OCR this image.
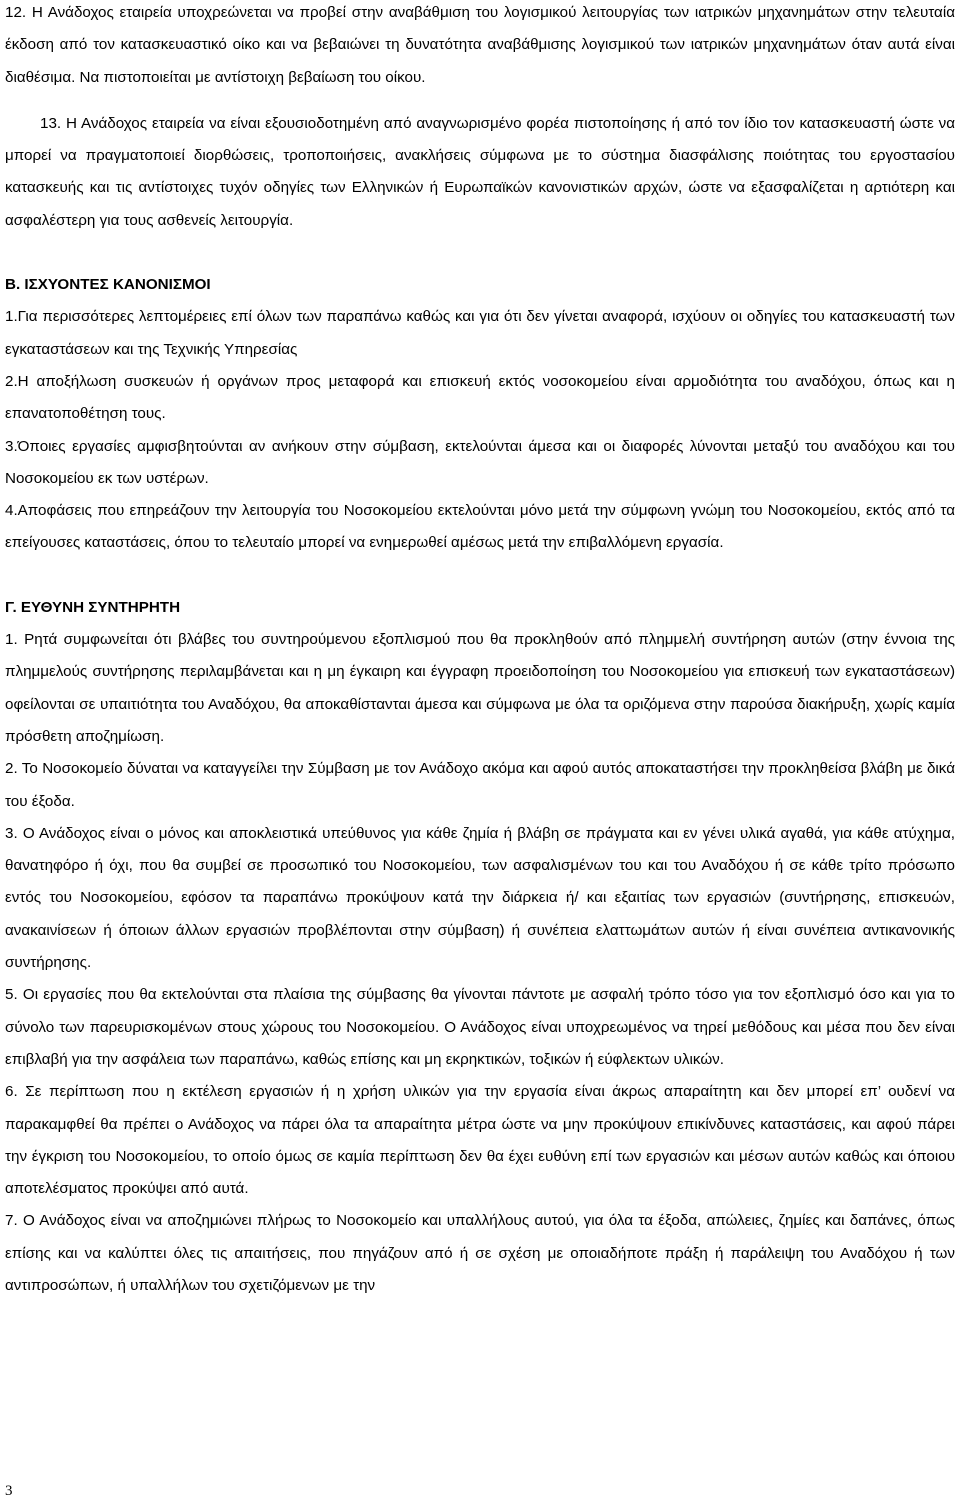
12. Η Ανάδοχος εταιρεία υποχρεώνεται να προβεί στην αναβάθμιση του λογισμικού λειτουργίας των ιατρικών μηχανημάτων στην τελευταία έκδοση από τον κατασκευαστικό οίκο και να βεβαιώνει τη δυνατότητα αναβάθμισης λογισμικού των ιατρικών μηχανημάτων όταν αυτά είναι διαθέσιμα. Να πιστοποιείται με αντίστοιχη βεβαίωση του οίκου.

13. Η Ανάδοχος εταιρεία να είναι εξουσιοδοτημένη από αναγνωρισμένο φορέα πιστοποίησης ή από τον ίδιο τον κατασκευαστή ώστε να μπορεί να πραγματοποιεί διορθώσεις, τροποποιήσεις, ανακλήσεις σύμφωνα με το σύστημα διασφάλισης ποιότητας του εργοστασίου κατασκευής και τις αντίστοιχες τυχόν οδηγίες των Ελληνικών ή Ευρωπαϊκών κανονιστικών αρχών, ώστε να εξασφαλίζεται η αρτιότερη και ασφαλέστερη για τους ασθενείς λειτουργία.

Β. ΙΣΧΥΟΝΤΕΣ ΚΑΝΟΝΙΣΜΟΙ

1.Για περισσότερες λεπτομέρειες επί όλων των παραπάνω καθώς και για ότι δεν γίνεται αναφορά, ισχύουν οι οδηγίες του κατασκευαστή των εγκαταστάσεων και της Τεχνικής Υπηρεσίας

2.Η αποξήλωση συσκευών ή οργάνων προς μεταφορά και επισκευή εκτός νοσοκομείου είναι αρμοδιότητα του αναδόχου, όπως και η επανατοποθέτηση τους.

3.Όποιες εργασίες αμφισβητούνται αν ανήκουν στην σύμβαση, εκτελούνται άμεσα και οι διαφορές λύνονται μεταξύ του αναδόχου και του Νοσοκομείου εκ των υστέρων.

4.Αποφάσεις που επηρεάζουν την λειτουργία του Νοσοκομείου εκτελούνται μόνο μετά την σύμφωνη γνώμη του Νοσοκομείου, εκτός από τα επείγουσες καταστάσεις, όπου το τελευταίο μπορεί να ενημερωθεί αμέσως μετά την επιβαλλόμενη εργασία.

Γ. ΕΥΘΥΝΗ ΣΥΝΤΗΡΗΤΗ

1. Ρητά συμφωνείται ότι βλάβες του συντηρούμενου εξοπλισμού που θα προκληθούν από πλημμελή συντήρηση αυτών (στην έννοια της πλημμελούς συντήρησης περιλαμβάνεται και η μη έγκαιρη και έγγραφη προειδοποίηση του Νοσοκομείου για επισκευή των εγκαταστάσεων) οφείλονται σε υπαιτιότητα του Αναδόχου, θα αποκαθίστανται άμεσα και σύμφωνα με όλα τα οριζόμενα στην παρούσα διακήρυξη, χωρίς καμία πρόσθετη αποζημίωση.

2. Το Νοσοκομείο δύναται να καταγγείλει την Σύμβαση με τον Ανάδοχο ακόμα και αφού αυτός αποκαταστήσει την προκληθείσα βλάβη με δικά του έξοδα.

3. Ο Ανάδοχος είναι ο μόνος και αποκλειστικά υπεύθυνος για κάθε ζημία ή βλάβη σε πράγματα και εν γένει υλικά αγαθά, για κάθε ατύχημα, θανατηφόρο ή όχι, που θα συμβεί σε προσωπικό του Νοσοκομείου, των ασφαλισμένων του και του Αναδόχου ή σε κάθε τρίτο πρόσωπο εντός του Νοσοκομείου, εφόσον τα παραπάνω προκύψουν κατά την διάρκεια ή/ και εξαιτίας των εργασιών (συντήρησης, επισκευών, ανακαινίσεων ή όποιων άλλων εργασιών προβλέπονται στην σύμβαση) ή συνέπεια ελαττωμάτων αυτών ή είναι συνέπεια αντικανονικής συντήρησης.

5. Οι εργασίες που θα εκτελούνται στα πλαίσια της σύμβασης θα γίνονται πάντοτε με ασφαλή τρόπο τόσο για τον εξοπλισμό όσο και για το σύνολο των παρευρισκομένων στους χώρους του Νοσοκομείου. Ο Ανάδοχος είναι υποχρεωμένος να τηρεί μεθόδους και μέσα που δεν είναι επιβλαβή για την ασφάλεια των παραπάνω, καθώς επίσης και μη εκρηκτικών, τοξικών ή εύφλεκτων υλικών.

6. Σε περίπτωση που η εκτέλεση εργασιών ή η χρήση υλικών για την εργασία είναι άκρως απαραίτητη και δεν μπορεί επ’ ουδενί να παρακαμφθεί θα πρέπει ο Ανάδοχος να πάρει όλα τα απαραίτητα μέτρα ώστε να μην προκύψουν επικίνδυνες καταστάσεις, και αφού πάρει την έγκριση του Νοσοκομείου, το οποίο όμως σε καμία περίπτωση δεν θα έχει ευθύνη επί των εργασιών και μέσων αυτών καθώς και όποιου αποτελέσματος προκύψει από αυτά.

7. Ο Ανάδοχος είναι να αποζημιώνει πλήρως το Νοσοκομείο και υπαλλήλους αυτού, για όλα τα έξοδα, απώλειες, ζημίες και δαπάνες, όπως επίσης και να καλύπτει όλες τις απαιτήσεις, που πηγάζουν από ή σε σχέση με οποιαδήποτε πράξη ή παράλειψη του Αναδόχου ή των αντιπροσώπων, ή υπαλλήλων του σχετιζόμενων με την

3
